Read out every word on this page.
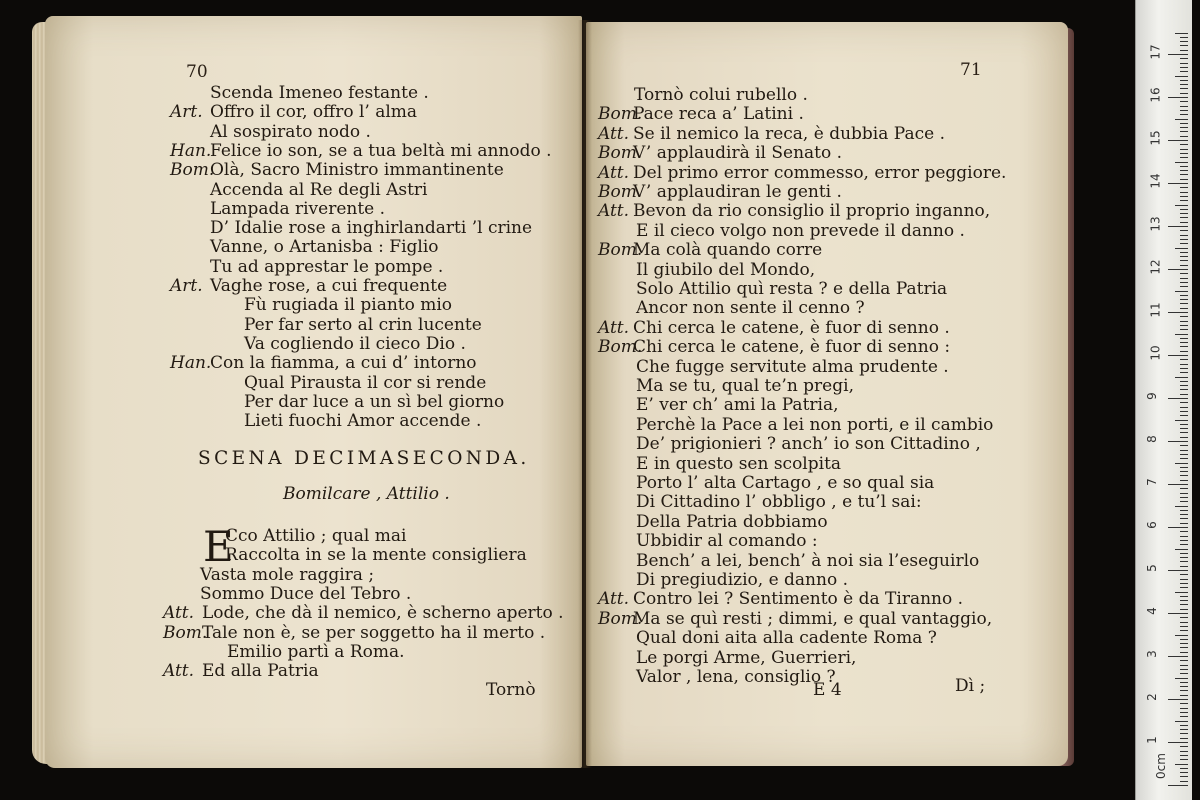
70
Scenda Imeneo festante .
Art. Offro il cor, offro l’ alma
Al sospirato nodo .
Han.
Felice io son, se a tua beltà mi annodo .
Bom.
Olà, Sacro Ministro immantinente
Accenda al Re degli Astri
Lampada riverente .
D’ Idalie rose a inghirlandarti ’l crine
Vanne, o Artanisba : Figlio
Tu ad apprestar le pompe .
Art. Vaghe rose, a cui frequente
Fù rugiada il pianto mio
Per far serto al crin lucente
Va cogliendo il cieco Dio .
Han.
Con la fiamma, a cui d’ intorno
Qual Pirausta il cor si rende
Per dar luce a un sì bel giorno
Lieti fuochi Amor accende .
SCENA DECIMASECONDA.
Bomilcare , Attilio .
E
Cco Attilio ; qual mai
Raccolta in se la mente consigliera
Vasta mole raggira ;
Sommo Duce del Tebro .
Att. Lode, che dà il nemico, è scherno aperto .
Bom.
Tale non è, se per soggetto ha il merto .
Emilio partì a Roma.
Att. Ed alla Patria
Tornò
71
Tornò colui rubello .
Bom.
Pace reca a’ Latini .
Att. Se il nemico la reca, è dubbia Pace .
Bom.
V’ applaudirà il Senato .
Att. Del primo error commesso, error peggiore.
Bom.
V’ applaudiran le genti .
Att. Bevon da rio consiglio il proprio inganno,
E il cieco volgo non prevede il danno .
Bom.
Ma colà quando corre
Il giubilo del Mondo,
Solo Attilio quì resta ? e della Patria
Ancor non sente il cenno ?
Att. Chi cerca le catene, è fuor di senno .
Bom.
Chi cerca le catene, è fuor di senno :
Che fugge servitute alma prudente .
Ma se tu, qual te’n pregi,
E’ ver ch’ ami la Patria,
Perchè la Pace a lei non porti, e il cambio
De’ prigionieri ? anch’ io son Cittadino ,
E in questo sen scolpita
Porto l’ alta Cartago , e so qual sia
Di Cittadino l’ obbligo , e tu’l sai:
Della Patria dobbiamo
Ubbidir al comando :
Bench’ a lei, bench’ à noi sia l’eseguirlo
Di pregiudizio, e danno .
Att. Contro lei ? Sentimento è da Tiranno .
Bom.
Ma se quì resti ; dimmi, e qual vantaggio,
Qual doni aita alla cadente Roma ?
Le porgi Arme, Guerrieri,
Valor , lena, consiglio ?
E 4	Dì ;
0cm
1
2
3
4
5
6
7
8
9
10
11
12
13
14
15
16
17
